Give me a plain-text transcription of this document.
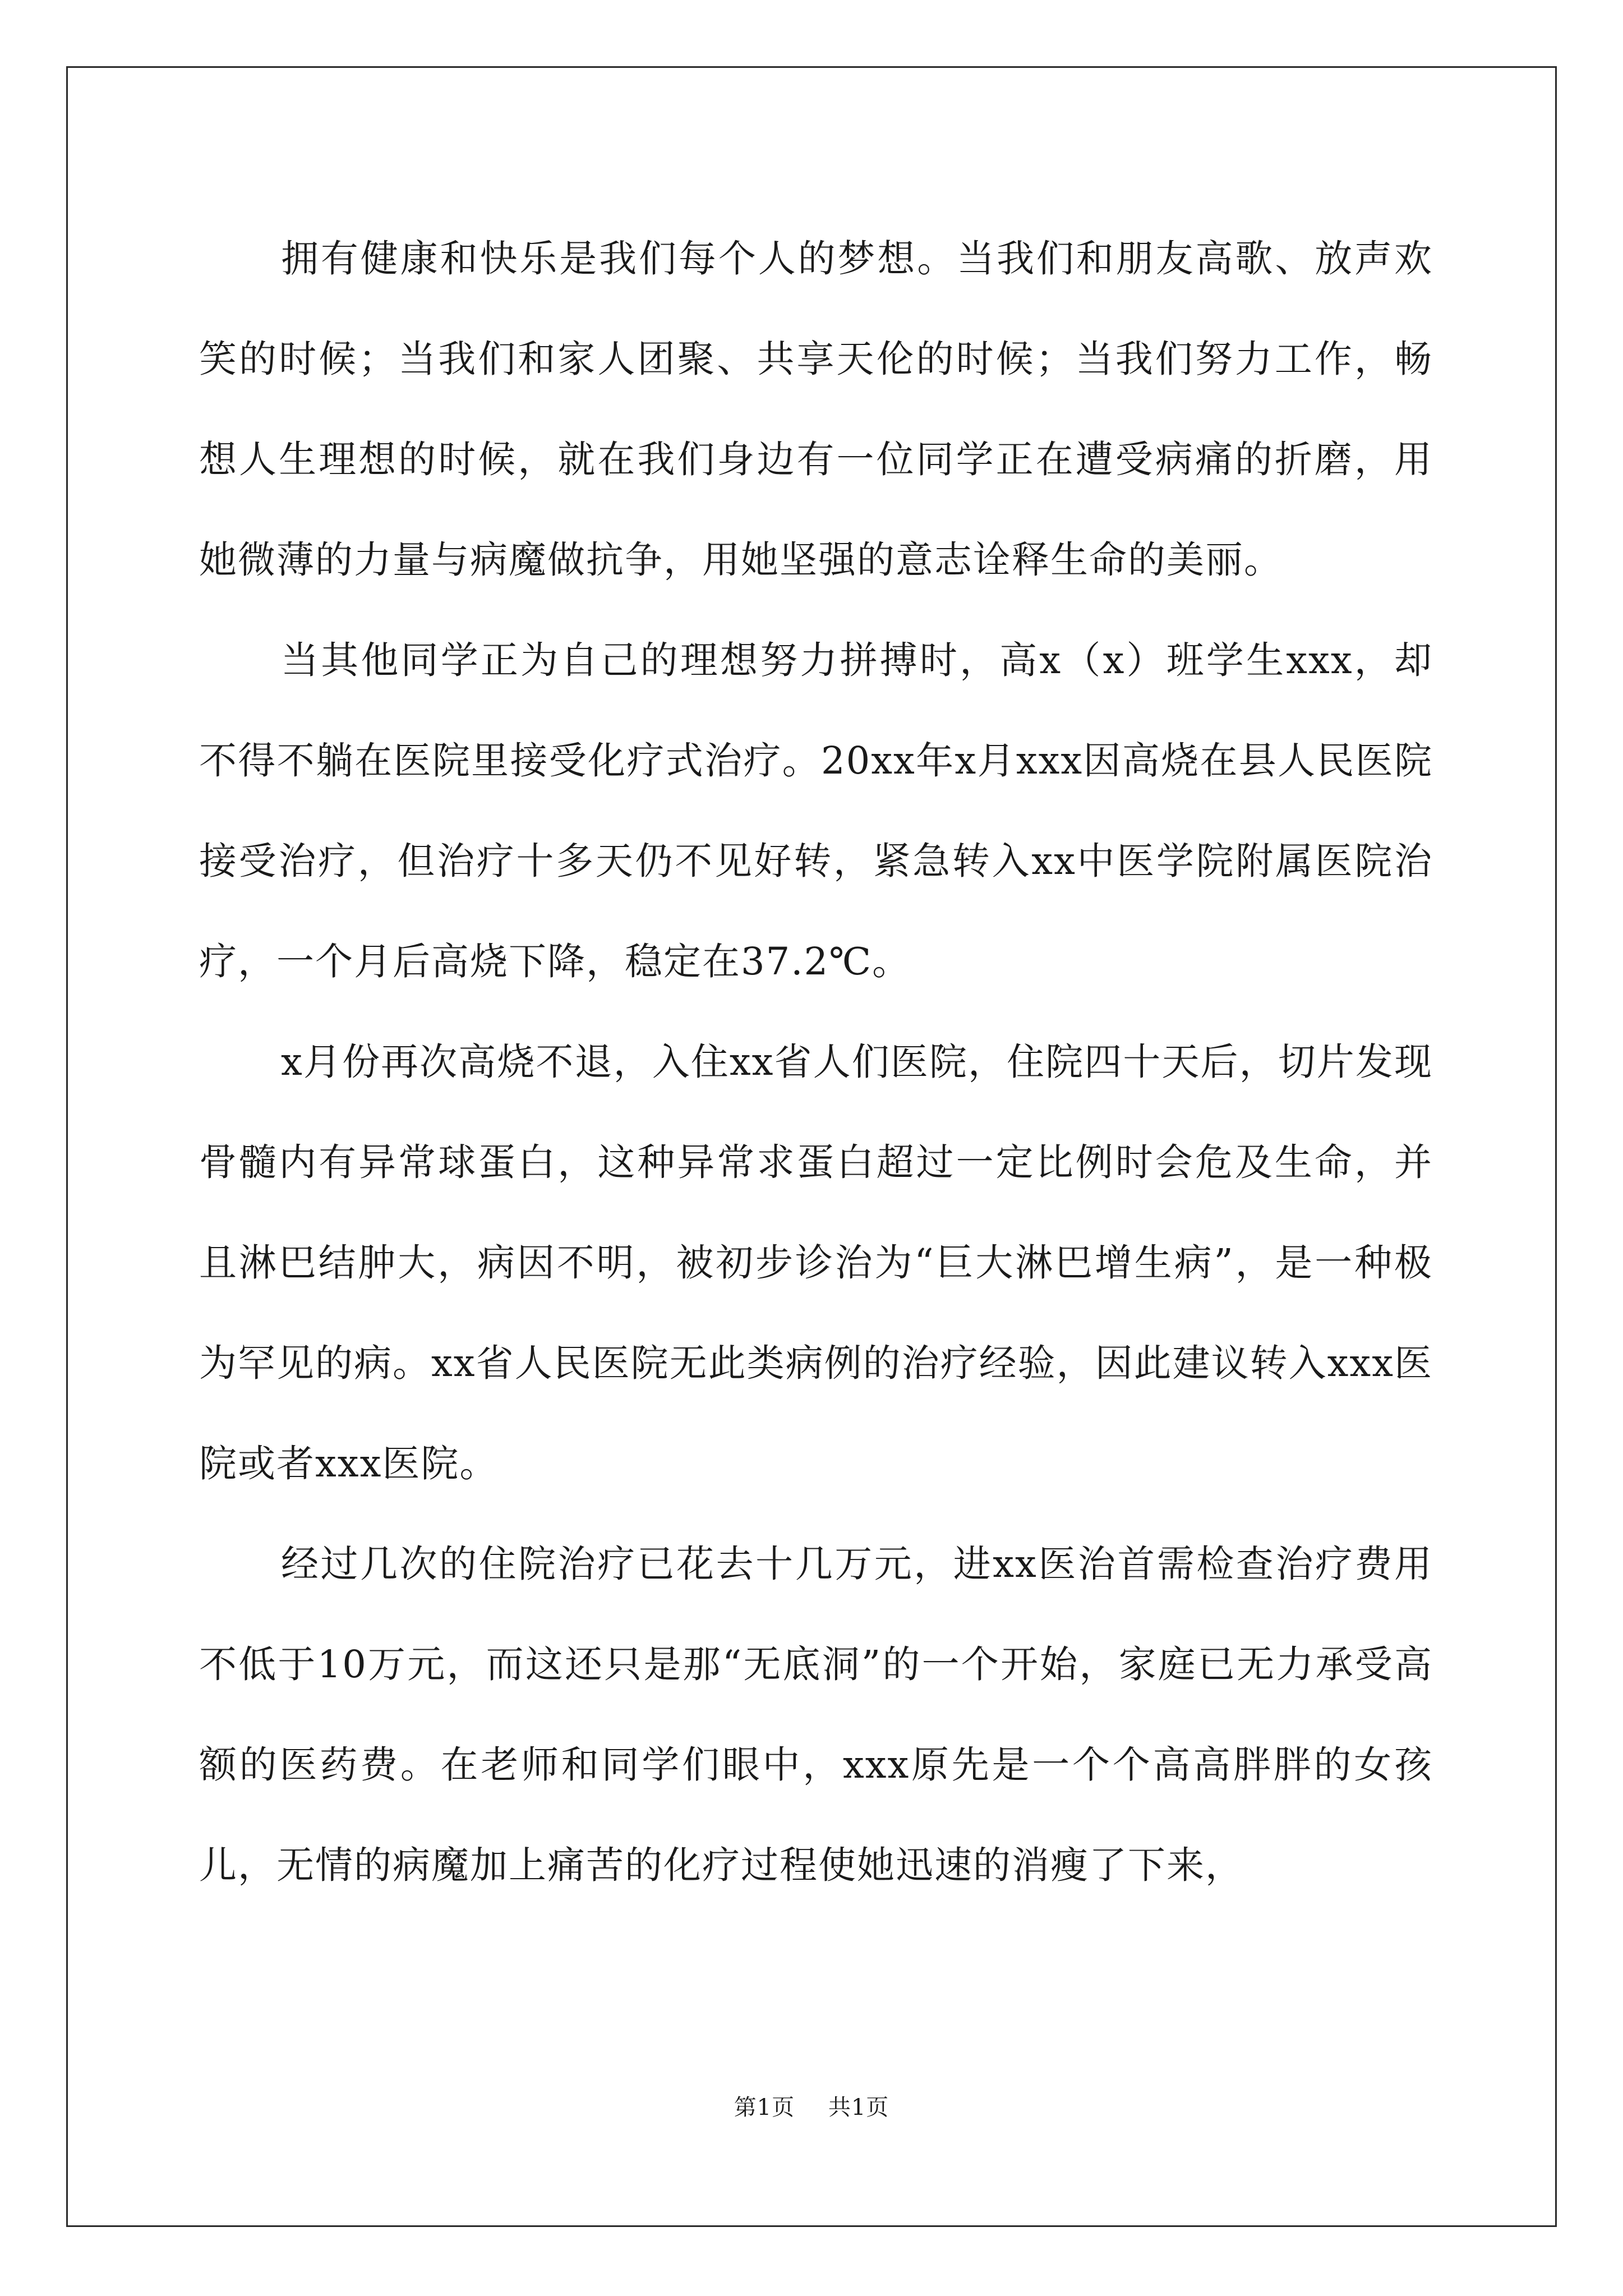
拥有健康和快乐是我们每个人的梦想。当我们和朋友高歌、放声欢笑的时候；当我们和家人团聚、共享天伦的时候；当我们努力工作，畅想人生理想的时候，就在我们身边有一位同学正在遭受病痛的折磨，用她微薄的力量与病魔做抗争，用她坚强的意志诠释生命的美丽。

当其他同学正为自己的理想努力拼搏时，高x（x）班学生xxx，却不得不躺在医院里接受化疗式治疗。20xx年x月xxx因高烧在县人民医院接受治疗，但治疗十多天仍不见好转，紧急转入xx中医学院附属医院治疗，一个月后高烧下降，稳定在37.2℃。

x月份再次高烧不退，入住xx省人们医院，住院四十天后，切片发现骨髓内有异常球蛋白，这种异常求蛋白超过一定比例时会危及生命，并且淋巴结肿大，病因不明，被初步诊治为“巨大淋巴增生病”，是一种极为罕见的病。xx省人民医院无此类病例的治疗经验，因此建议转入xxx医院或者xxx医院。

经过几次的住院治疗已花去十几万元，进xx医治首需检查治疗费用不低于10万元，而这还只是那“无底洞”的一个开始，家庭已无力承受高额的医药费。在老师和同学们眼中，xxx原先是一个个高高胖胖的女孩儿，无情的病魔加上痛苦的化疗过程使她迅速的消瘦了下来，

第1页 共1页
